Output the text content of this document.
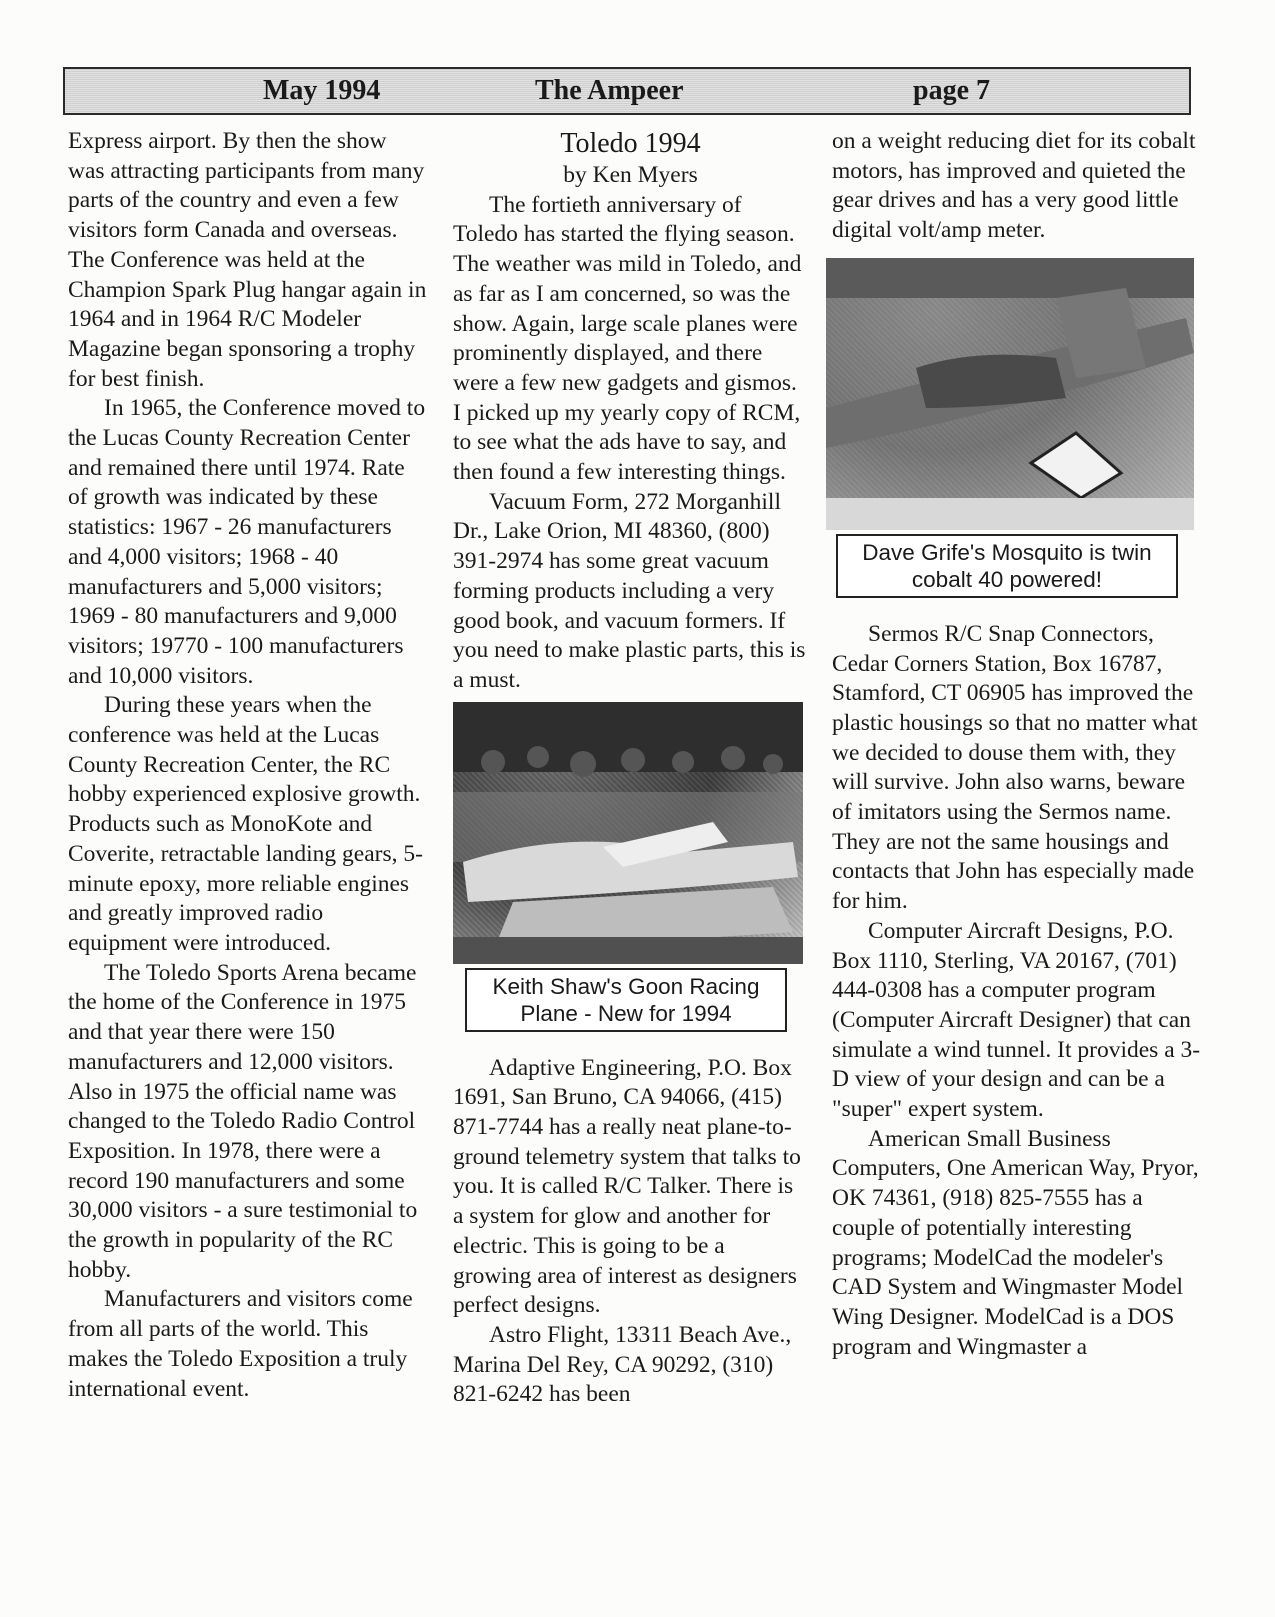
May 1994	The Ampeer	page 7

Express airport. By then the show was attracting participants from many parts of the country and even a few visitors form Canada and overseas. The Conference was held at the Champion Spark Plug hangar again in 1964 and in 1964 R/C Modeler Magazine began sponsoring a trophy for best finish.

In 1965, the Conference moved to the Lucas County Recreation Center and remained there until 1974. Rate of growth was indicated by these statistics: 1967 - 26 manufacturers and 4,000 visitors; 1968 - 40 manufacturers and 5,000 visitors; 1969 - 80 manufacturers and 9,000 visitors; 19770 - 100 manufacturers and 10,000 visitors.

During these years when the conference was held at the Lucas County Recreation Center, the RC hobby experienced explosive growth. Products such as MonoKote and Coverite, retractable landing gears, 5-minute epoxy, more reliable engines and greatly improved radio equipment were introduced.

The Toledo Sports Arena became the home of the Conference in 1975 and that year there were 150 manufacturers and 12,000 visitors. Also in 1975 the official name was changed to the Toledo Radio Control Exposition. In 1978, there were a record 190 manufacturers and some 30,000 visitors - a sure testimonial to the growth in popularity of the RC hobby.

Manufacturers and visitors come from all parts of the world. This makes the Toledo Exposition a truly international event.

Toledo 1994

by Ken Myers

The fortieth anniversary of Toledo has started the flying season. The weather was mild in Toledo, and as far as I am concerned, so was the show. Again, large scale planes were prominently displayed, and there were a few new gadgets and gismos. I picked up my yearly copy of RCM, to see what the ads have to say, and then found a few interesting things.

Vacuum Form, 272 Morganhill Dr., Lake Orion, MI 48360, (800) 391-2974 has some great vacuum forming products including a very good book, and vacuum formers. If you need to make plastic parts, this is a must.

Keith Shaw's Goon Racing Plane - New for 1994

Adaptive Engineering, P.O. Box 1691, San Bruno, CA 94066, (415) 871-7744 has a really neat plane-to- ground telemetry system that talks to you. It is called R/C Talker. There is a system for glow and another for electric. This is going to be a growing area of interest as designers perfect designs.

Astro Flight, 13311 Beach Ave., Marina Del Rey, CA 90292, (310) 821-6242 has been

on a weight reducing diet for its cobalt motors, has improved and quieted the gear drives and has a very good little digital volt/amp meter.

Dave Grife's Mosquito is twin cobalt 40 powered!

Sermos R/C Snap Connectors, Cedar Corners Station, Box 16787, Stamford, CT 06905 has improved the plastic housings so that no matter what we decided to douse them with, they will survive. John also warns, beware of imitators using the Sermos name. They are not the same housings and contacts that John has especially made for him.

Computer Aircraft Designs, P.O. Box 1110, Sterling, VA 20167, (701) 444-0308 has a computer program (Computer Aircraft Designer) that can simulate a wind tunnel. It provides a 3-D view of your design and can be a "super" expert system.

American Small Business Computers, One American Way, Pryor, OK 74361, (918) 825-7555 has a couple of potentially interesting programs; ModelCad the modeler's CAD System and Wingmaster Model Wing Designer. ModelCad is a DOS program and Wingmaster a
